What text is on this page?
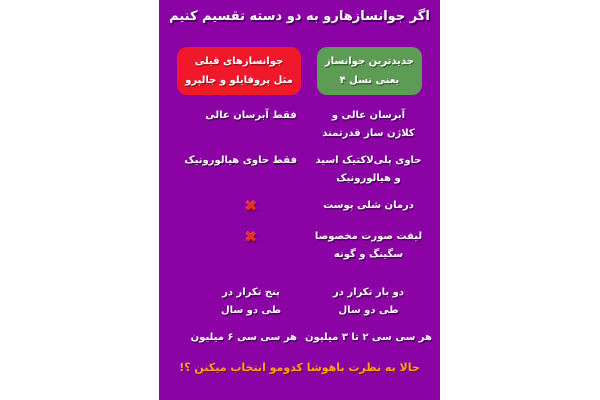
اگر جوانسازهارو به دو دسته تقسیم کنیم
جدیدترین جوانساز
یعنی نسل ۴
جوانسازهای قبلی
مثل پروفایلو و جالپرو
آبرسان عالی و
کلاژن ساز قدرتمند
فقط آبرسان عالی
حاوی پلی‌لاکتیک اسید
و هیالورونیک
فقط حاوی هیالورونیک
درمان شلی پوست
✖
لیفت صورت مخصوصا
سگینگ و گونه
✖
دو بار تکرار در
طی دو سال
پنج تکرار در
طی دو سال
هر سی سی ۲ تا ۳ میلیون
هر سی سی ۶ میلیون
حالا به نظرت باهوشا کدومو انتخاب میکنن ؟!
